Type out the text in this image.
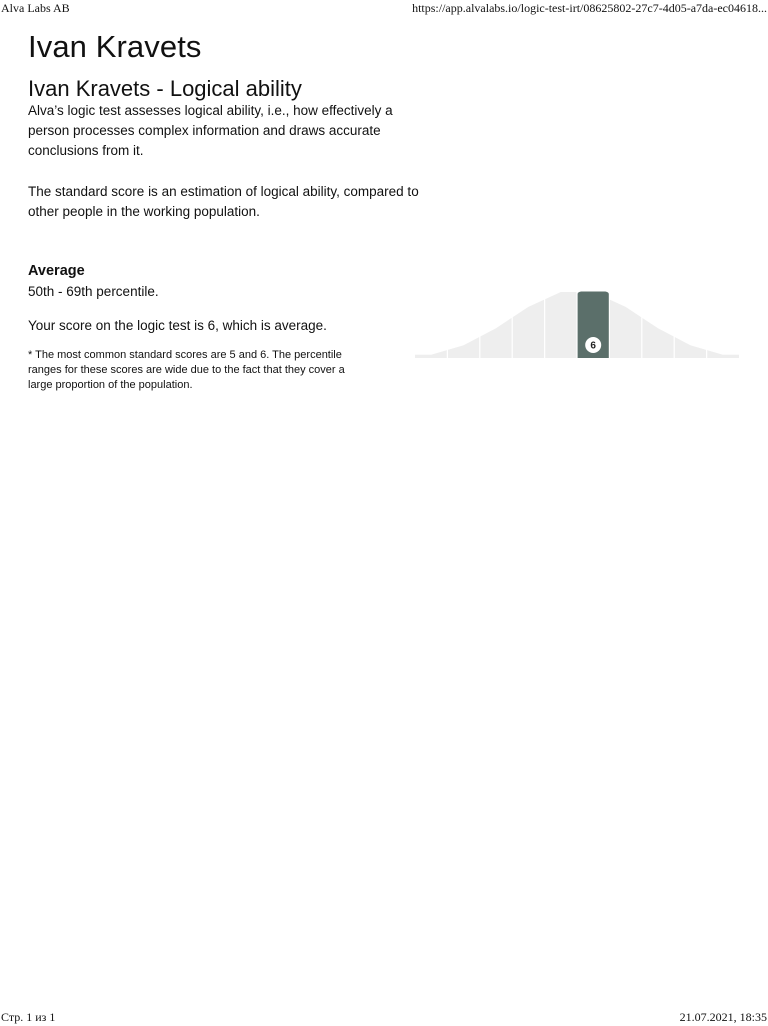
Alva Labs AB	https://app.alvalabs.io/logic-test-irt/08625802-27c7-4d05-a7da-ec04618...
Ivan Kravets
Ivan Kravets - Logical ability

Alva’s logic test assesses logical ability, i.e., how effectively a person processes complex information and draws accurate conclusions from it.

The standard score is an estimation of logical ability, compared to other people in the working population.

Average
50th - 69th percentile.
Your score on the logic test is 6, which is average.

* The most common standard scores are 5 and 6. The percentile ranges for these scores are wide due to the fact that they cover a large proportion of the population.

6
Стр. 1 из 1	21.07.2021, 18:35
